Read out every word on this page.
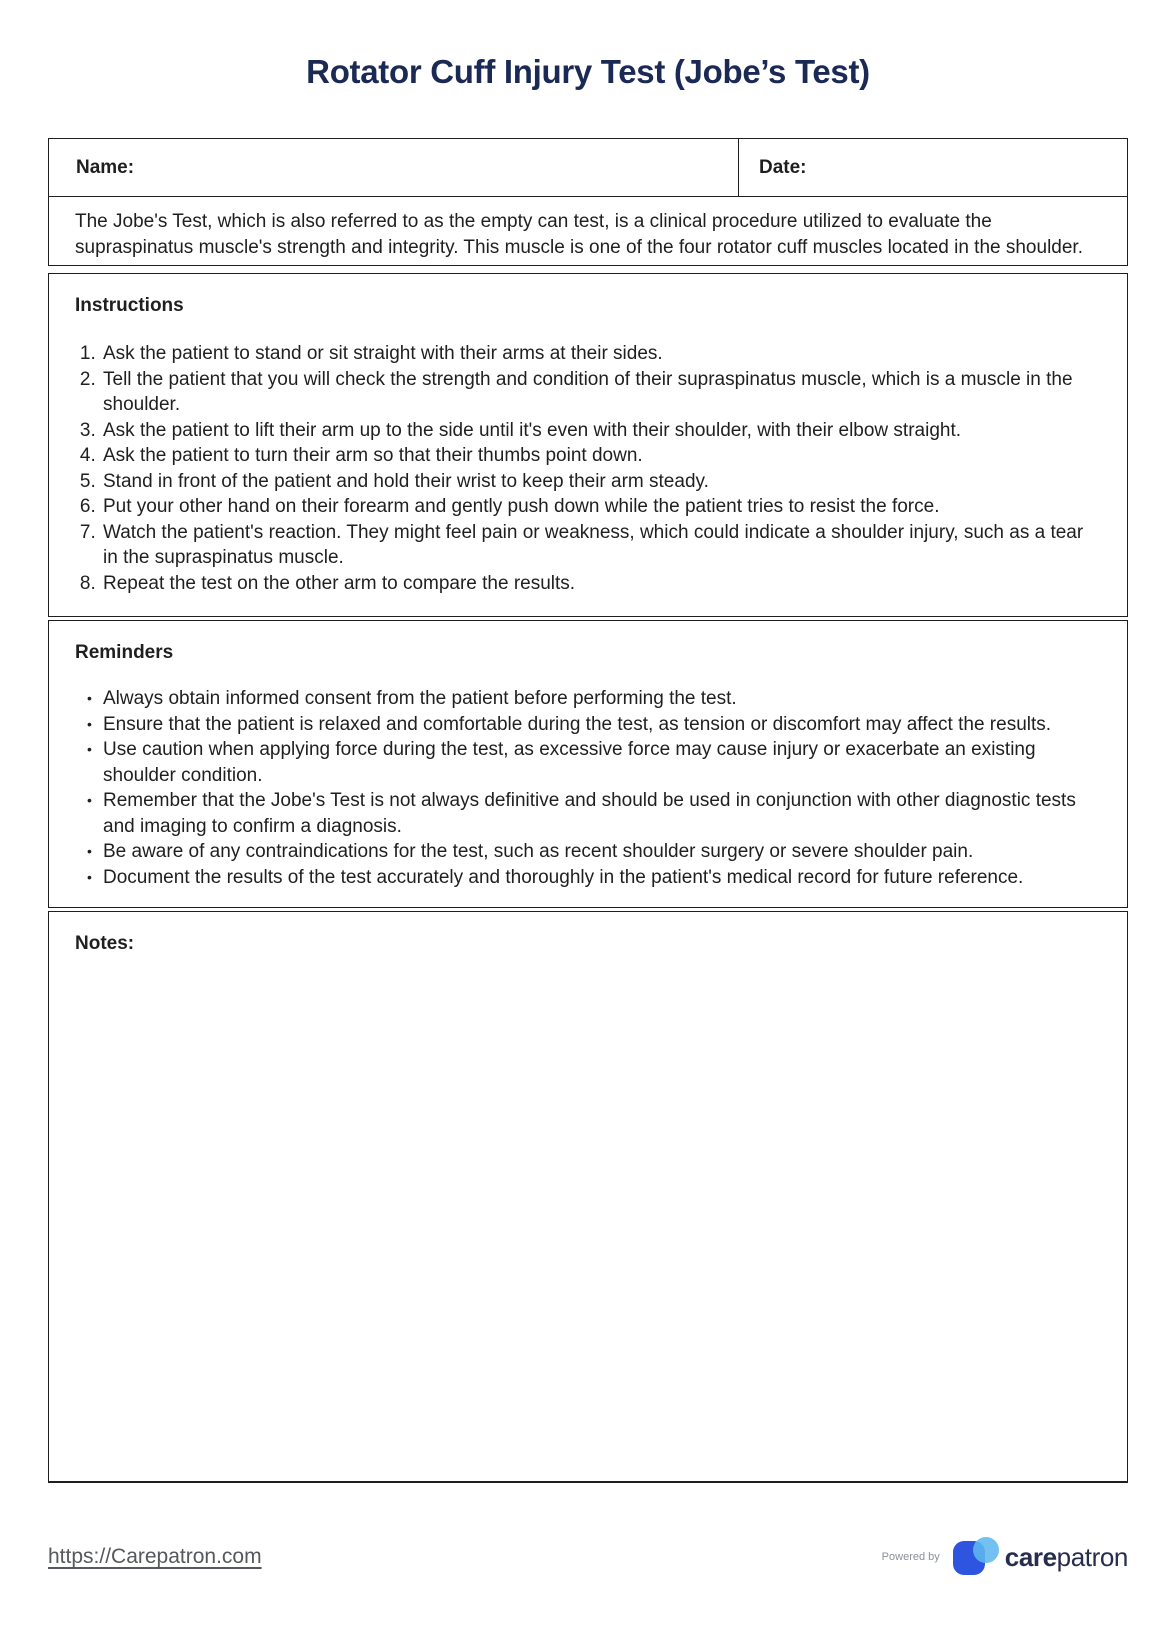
Rotator Cuff Injury Test (Jobe’s Test)
Name:	Date:

The Jobe's Test, which is also referred to as the empty can test, is a clinical procedure utilized to evaluate the supraspinatus muscle's strength and integrity. This muscle is one of the four rotator cuff muscles located in the shoulder.

Instructions
1. Ask the patient to stand or sit straight with their arms at their sides.
2. Tell the patient that you will check the strength and condition of their supraspinatus muscle, which is a muscle in the shoulder.
3. Ask the patient to lift their arm up to the side until it's even with their shoulder, with their elbow straight.
4. Ask the patient to turn their arm so that their thumbs point down.
5. Stand in front of the patient and hold their wrist to keep their arm steady.
6. Put your other hand on their forearm and gently push down while the patient tries to resist the force.
7. Watch the patient's reaction. They might feel pain or weakness, which could indicate a shoulder injury, such as a tear in the supraspinatus muscle.
8. Repeat the test on the other arm to compare the results.
Reminders
• Always obtain informed consent from the patient before performing the test.
• Ensure that the patient is relaxed and comfortable during the test, as tension or discomfort may affect the results.
• Use caution when applying force during the test, as excessive force may cause injury or exacerbate an existing shoulder condition.
• Remember that the Jobe's Test is not always definitive and should be used in conjunction with other diagnostic tests and imaging to confirm a diagnosis.
• Be aware of any contraindications for the test, such as recent shoulder surgery or severe shoulder pain.
• Document the results of the test accurately and thoroughly in the patient's medical record for future reference.
Notes:
https://Carepatron.com	Powered by	carepatron
